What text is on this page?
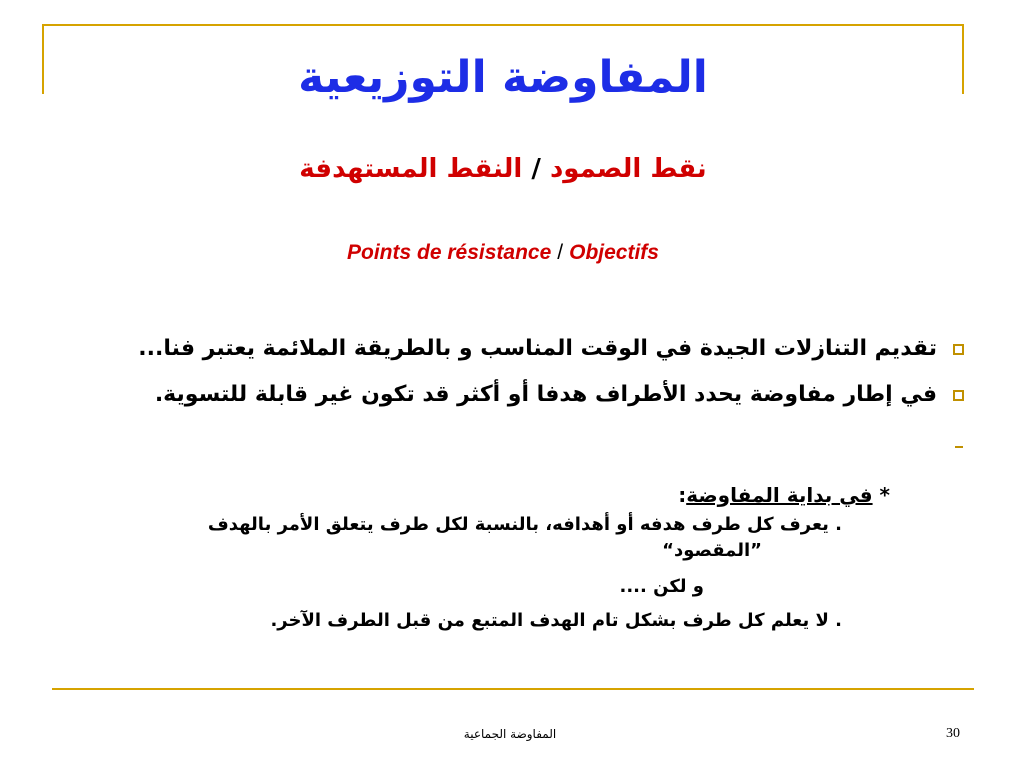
المفاوضة التوزيعية
نقط الصمود / النقط المستهدفة
Points de résistance / Objectifs
تقديم التنازلات الجيدة في الوقت المناسب و بالطريقة الملائمة يعتبر فنا...
في إطار مفاوضة يحدد الأطراف هدفا أو أكثر قد تكون غير قابلة للتسوية.
* في بداية المفاوضة:
. يعرف كل طرف هدفه أو أهدافه، بالنسبة لكل طرف يتعلق الأمر بالهدف
”المقصود“
و لكن ....
. لا يعلم كل طرف بشكل تام الهدف المتبع من قبل الطرف الآخر.
المفاوضة الجماعية	30
